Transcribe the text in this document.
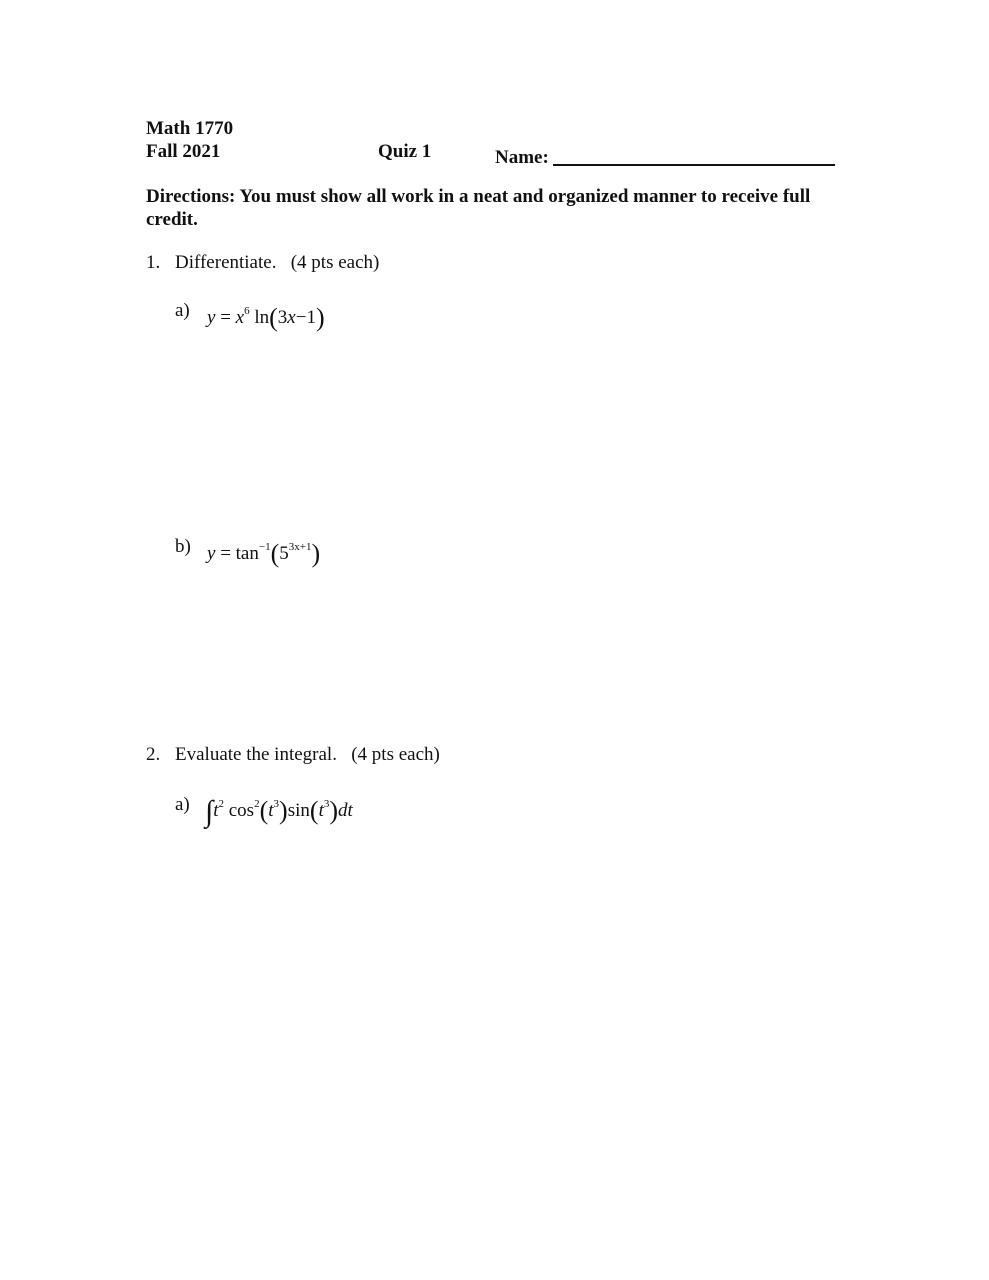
Math 1770
Fall 2021	Quiz 1	Name:
Directions: You must show all work in a neat and organized manner to receive full credit.
1. Differentiate. (4 pts each)
a) $y = x^6$ ln(3x−1)
b) $y = \tan^{-1}(5^{3x+1})$
2. Evaluate the integral. (4 pts each)
a) $\int t^2$ $\cos^2(t^3)\sin(t^3)dt$
